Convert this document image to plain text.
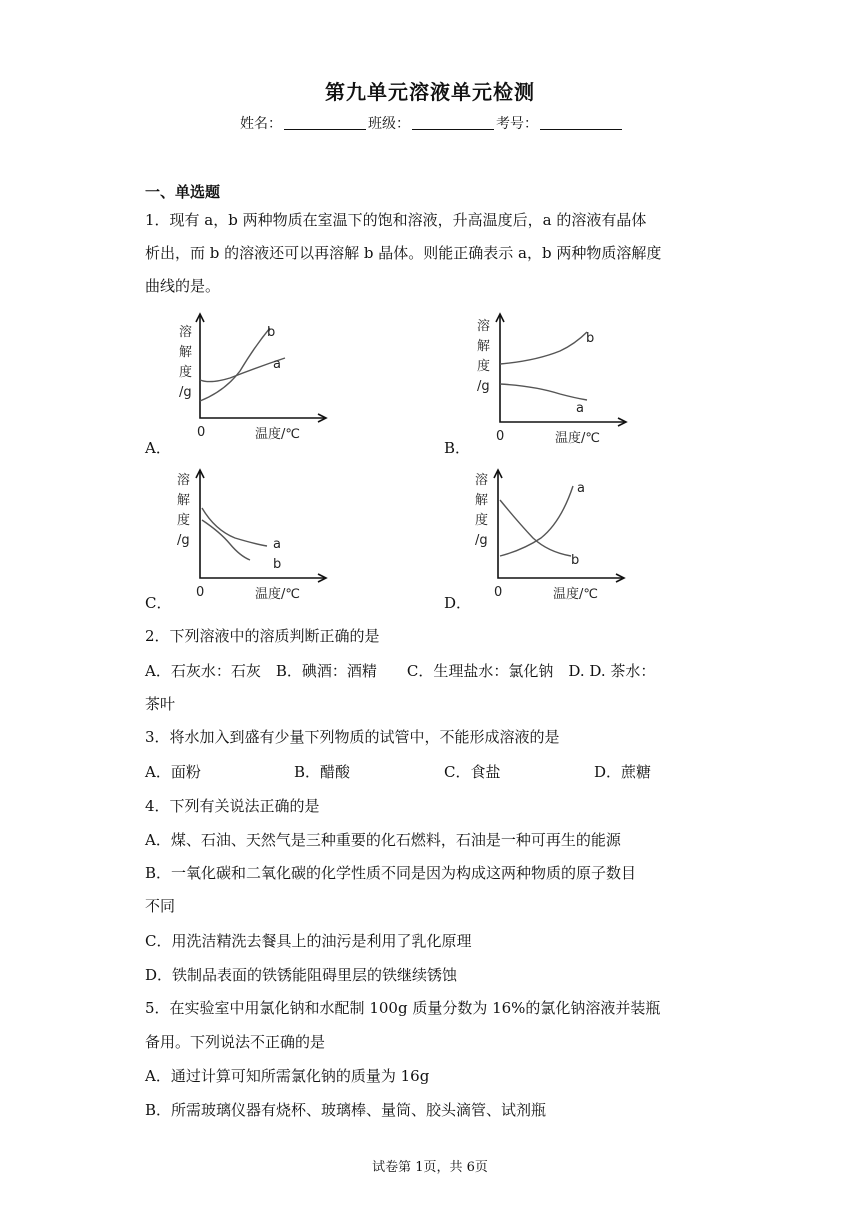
第九单元溶液单元检测
姓名：	班级：	考号：
一、单选题
1．现有 a，b 两种物质在室温下的饱和溶液，升高温度后，a 的溶液有晶体
析出，而 b 的溶液还可以再溶解 b 晶体。则能正确表示 a，b 两种物质溶解度
曲线的是。
A．
溶
解
度
/g
0	温度/℃
b
a
B．
溶
解
度
/g
0	温度/℃
b
a
C．
溶
解
度
/g
0	温度/℃
a
b
D．
溶
解
度
/g
0	温度/℃
a
b
2．下列溶液中的溶质判断正确的是
A．石灰水：石灰　B．碘酒：酒精　　C．生理盐水：氯化钠　D. D. 茶水：
茶叶
3．将水加入到盛有少量下列物质的试管中，不能形成溶液的是
A．面粉	B．醋酸	C．食盐	D．蔗糖
4．下列有关说法正确的是
A．煤、石油、天然气是三种重要的化石燃料，石油是一种可再生的能源
B．一氧化碳和二氧化碳的化学性质不同是因为构成这两种物质的原子数目
不同
C．用洗洁精洗去餐具上的油污是利用了乳化原理
D．铁制品表面的铁锈能阻碍里层的铁继续锈蚀
5．在实验室中用氯化钠和水配制 100g 质量分数为 16%的氯化钠溶液并装瓶
备用。下列说法不正确的是
A．通过计算可知所需氯化钠的质量为 16g
B．所需玻璃仪器有烧杯、玻璃棒、量筒、胶头滴管、试剂瓶
试卷第 1页，共 6页
